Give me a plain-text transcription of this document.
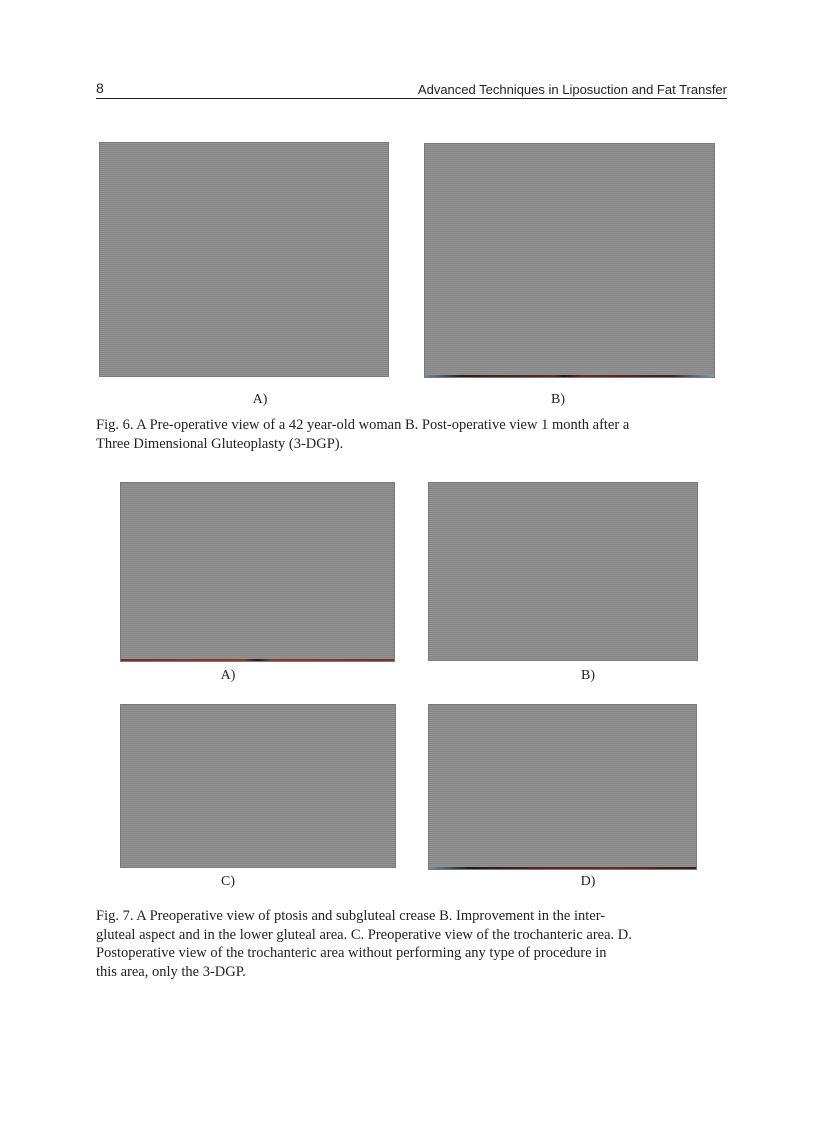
8	Advanced Techniques in Liposuction and Fat Transfer
A)	B)
Fig. 6. A Pre-operative view of a 42 year-old woman B. Post-operative view 1 month after a
Three Dimensional Gluteoplasty (3-DGP).
A)	B)
C)	D)
Fig. 7. A Preoperative view of ptosis and subgluteal crease B. Improvement in the inter-
gluteal aspect and in the lower gluteal area. C. Preoperative view of the trochanteric area. D.
Postoperative view of the trochanteric area without performing any type of procedure in
this area, only the 3-DGP.
